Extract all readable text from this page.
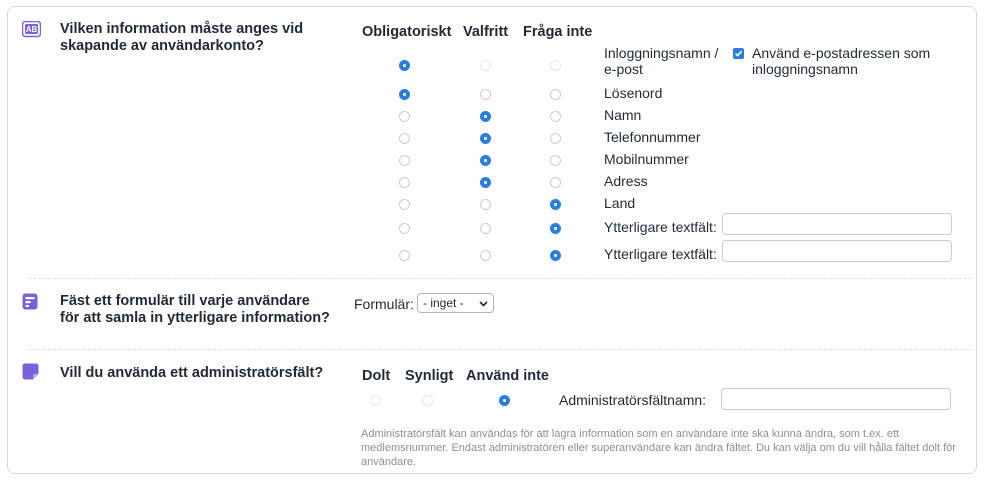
AB Vilken information måste anges vid skapande av användarkonto?
Obligatoriskt Valfritt Fråga inte
Använd e-postadressen som
inloggningsnamn
Fäst ett formulär till varje användare för att samla in ytterligare information?
Formulär: - inget -
Vill du använda ett administratörsfält?	Dolt Synligt Använd inte
Administratörsfältnamn:
Administratörsfält kan användas för att lagra information som en användare inte ska kunna ändra, som t.ex. ett medlemsnummer. Endast administratören eller superanvändare kan ändra fältet. Du kan välja om du vill hålla fältet dolt för användare.
Inloggningsnamn /
e-post
Lösenord
Namn
Telefonnummer
Mobilnummer
Adress
Land
Ytterligare textfält:
Ytterligare textfält:
